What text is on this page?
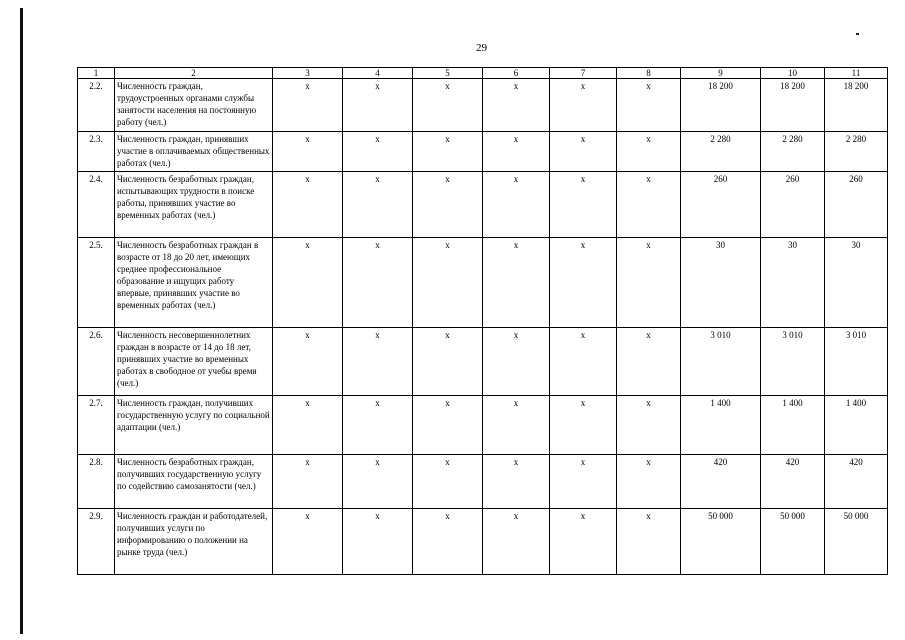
29
1	2	3	4	5	6	7	8	9	10	11
2.2.	Численность граждан, трудоустроенных органами службы занятости населения на постоянную работу (чел.)	x	x	x	x	x	x	18 200	18 200	18 200
2.3.	Численность граждан, принявших участие в оплачиваемых общественных работах (чел.)	x	x	x	x	x	x	2 280	2 280	2 280
2.4.	Численность безработных граждан, испытывающих трудности в поиске работы, принявших участие во временных работах (чел.)	x	x	x	x	x	x	260	260	260
2.5.	Численность безработных граждан в возрасте от 18 до 20 лет, имеющих среднее профессиональное образование и ищущих работу впервые, принявших участие во временных работах (чел.)	x	x	x	x	x	x	30	30	30
2.6.	Численность несовершеннолетних граждан в возрасте от 14 до 18 лет, принявших участие во временных работах в свободное от учебы время (чел.)	x	x	x	x	x	x	3 010	3 010	3 010
2.7.	Численность граждан, получивших государственную услугу по социальной адаптации (чел.)	x	x	x	x	x	x	1 400	1 400	1 400
2.8.	Численность безработных граждан, получивших государственную услугу по содействию самозанятости (чел.)	x	x	x	x	x	x	420	420	420
2.9.	Численность граждан и работодателей, получивших услуги по информированию о положении на рынке труда (чел.)	x	x	x	x	x	x	50 000	50 000	50 000
